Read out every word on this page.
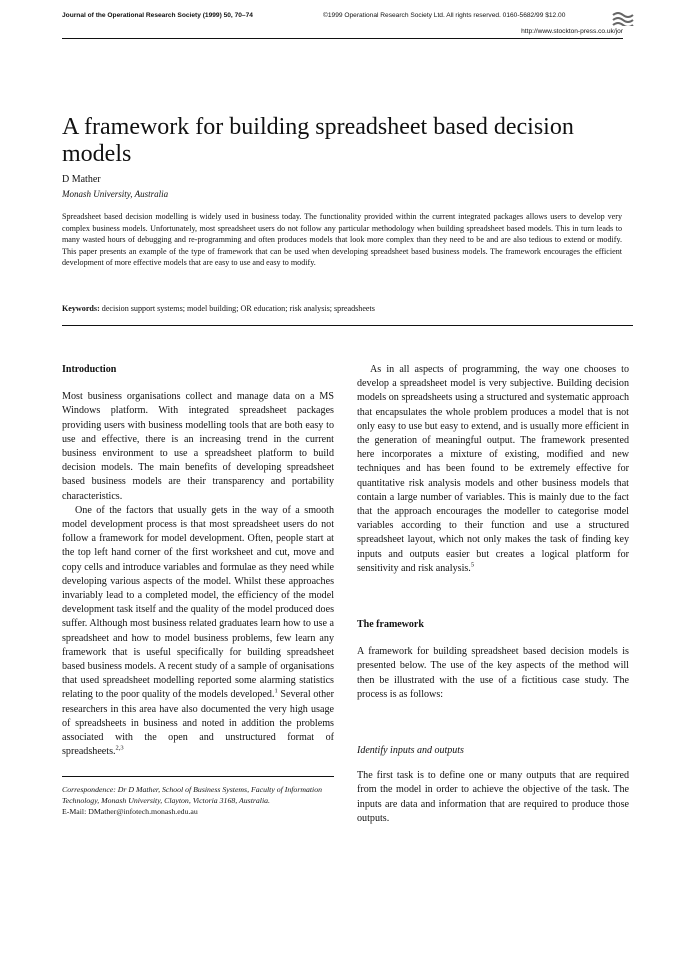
Journal of the Operational Research Society (1999) 50, 70–74	©1999 Operational Research Society Ltd. All rights reserved. 0160-5682/99 $12.00
http://www.stockton-press.co.uk/jor
A framework for building spreadsheet based decision models
D Mather
Monash University, Australia
Spreadsheet based decision modelling is widely used in business today. The functionality provided within the current integrated packages allows users to develop very complex business models. Unfortunately, most spreadsheet users do not follow any particular methodology when building spreadsheet based models. This in turn leads to many wasted hours of debugging and re-programming and often produces models that look more complex than they need to be and are also tedious to extend or modify. This paper presents an example of the type of framework that can be used when developing spreadsheet based business models. The framework encourages the efficient development of more effective models that are easy to use and easy to modify.
Keywords: decision support systems; model building; OR education; risk analysis; spreadsheets
Introduction

Most business organisations collect and manage data on a MS Windows platform. With integrated spreadsheet packages providing users with business modelling tools that are both easy to use and effective, there is an increasing trend in the current business environment to use a spreadsheet platform to build decision models. The main benefits of developing spreadsheet based business models are their transparency and portability characteristics.

One of the factors that usually gets in the way of a smooth model development process is that most spreadsheet users do not follow a framework for model development. Often, people start at the top left hand corner of the first worksheet and cut, move and copy cells and introduce variables and formulae as they need while developing various aspects of the model. Whilst these approaches invariably lead to a completed model, the efficiency of the model development task itself and the quality of the model produced does suffer. Although most business related graduates learn how to use a spreadsheet and how to model business problems, few learn any framework that is useful specifically for building spreadsheet based business models. A recent study of a sample of organisations that used spreadsheet modelling reported some alarming statistics relating to the poor quality of the models developed.$^1$ Several other researchers in this area have also documented the very high usage of spreadsheets in business and noted in addition the problems associated with the open and unstructured format of spreadsheets.$^{2,3}$

Correspondence: Dr D Mather, School of Business Systems, Faculty of Information Technology, Monash University, Clayton, Victoria 3168, Australia.
E-Mail: DMather@infotech.monash.edu.au

As in all aspects of programming, the way one chooses to develop a spreadsheet model is very subjective. Building decision models on spreadsheets using a structured and systematic approach that encapsulates the whole problem produces a model that is not only easy to use but easy to extend, and is usually more efficient in the generation of meaningful output. The framework presented here incorporates a mixture of existing, modified and new techniques and has been found to be extremely effective for quantitative risk analysis models and other business models that contain a large number of variables. This is mainly due to the fact that the approach encourages the modeller to categorise model variables according to their function and use a structured spreadsheet layout, which not only makes the task of finding key inputs and outputs easier but creates a logical platform for sensitivity and risk analysis.$^5$

The framework

A framework for building spreadsheet based decision models is presented below. The use of the key aspects of the method will then be illustrated with the use of a fictitious case study. The process is as follows:

Identify inputs and outputs

The first task is to define one or many outputs that are required from the model in order to achieve the objective of the task. The inputs are data and information that are required to produce those outputs.
